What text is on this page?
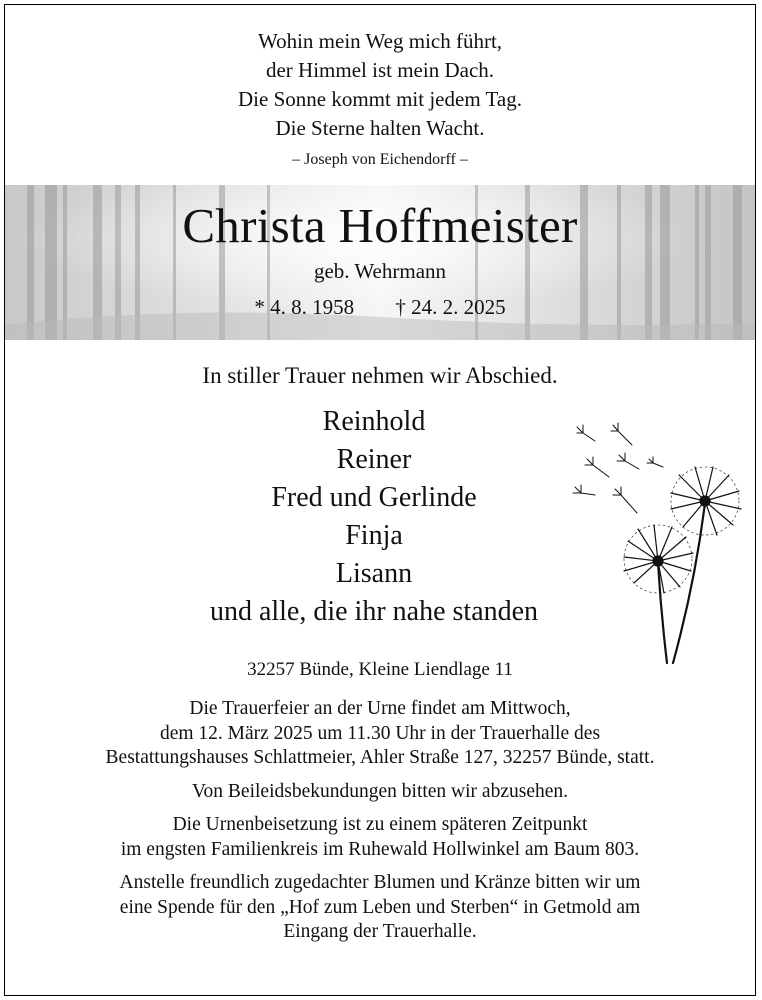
Wohin mein Weg mich führt,
der Himmel ist mein Dach.
Die Sonne kommt mit jedem Tag.
Die Sterne halten Wacht.
– Joseph von Eichendorff –
Christa Hoffmeister
geb. Wehrmann
* 4. 8. 1958 † 24. 2. 2025
In stiller Trauer nehmen wir Abschied.
Reinhold
Reiner
Fred und Gerlinde
Finja
Lisann
und alle, die ihr nahe standen
32257 Bünde, Kleine Liendlage 11

Die Trauerfeier an der Urne findet am Mittwoch,
dem 12. März 2025 um 11.30 Uhr in der Trauerhalle des
Bestattungshauses Schlattmeier, Ahler Straße 127, 32257 Bünde, statt.

Von Beileidsbekundungen bitten wir abzusehen.

Die Urnenbeisetzung ist zu einem späteren Zeitpunkt
im engsten Familienkreis im Ruhewald Hollwinkel am Baum 803.

Anstelle freundlich zugedachter Blumen und Kränze bitten wir um
eine Spende für den „Hof zum Leben und Sterben“ in Getmold am
Eingang der Trauerhalle.
